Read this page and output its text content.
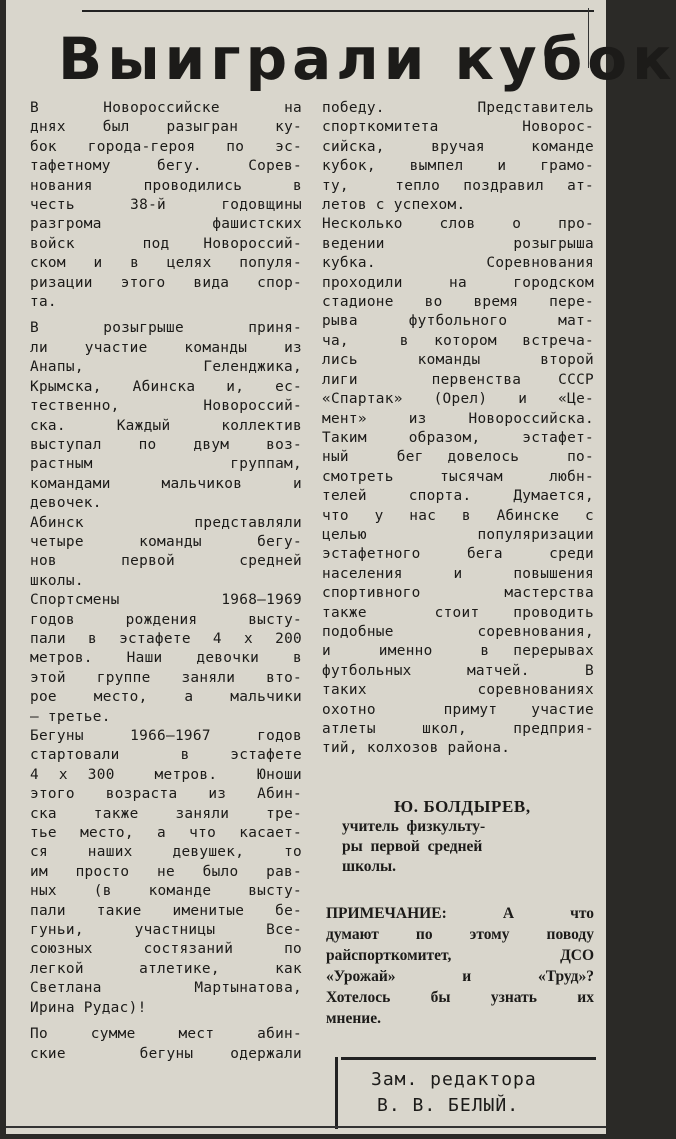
Выиграли кубок
В  Новороссийске  на
днях был разыгран ку-
бок города-героя по эс-
тафетному бегу. Сорев-
нования проводились в
честь 38-й годовщины
разгрома    фашистских
войск  под Новороссий-
ском и в целях популя-
ризации этого вида спор-
та.
В розыгрыше приня-
ли участие команды из
Анапы,     Геленджика,
Крымска, Абинска и, ес-
тественно,   Новороссий-
ска. Каждый коллектив
выступал по двум воз-
растным    группам,
командами мальчиков и
девочек.
Абинск представляли
четыре  команды  бегу-
нов    первой    средней
школы.
Спортсмены 1968—1969
годов рождения высту-
пали в эстафете 4 х 200
метров. Наши девочки в
этой группе заняли вто-
рое место, а мальчики
— третье.
Бегуны 1966—1967 годов
стартовали   в  эстафете
4 х 300  метров.  Юноши
этого возраста из Абин-
ска также заняли тре-
тье место, а что касает-
ся наших девушек, то
им просто не было рав-
ных (в команде высту-
пали такие именитые бе-
гуньи, участницы Все-
союзных состязаний по
легкой  атлетике,  как
Светлана   Мартынатова,
Ирина Рудас)!
По сумме мест абин-
ские  бегуны одержали
победу.   Представитель
спорткомитета  Новорос-
сийска, вручая команде
кубок, вымпел и грамо-
ту,  тепло поздравил ат-
летов с успехом.
Несколько слов о про-
ведении     розыгрыша
кубка.   Соревнования
проходили на городском
стадионе во время пере-
рыва  футбольного  мат-
ча,  в котором встреча-
лись  команды  второй
лиги  первенства СССР
«Спартак» (Орел) и «Це-
мент» из Новороссийска.
Таким образом, эстафет-
ный  бег довелось  по-
смотреть тысячам любн-
телей спорта. Думается,
что у нас в Абинске с
целью    популяризации
эстафетного бега среди
населения и повышения
спортивного  мастерства
также  стоит проводить
подобные соревнования,
и  именно  в перерывах
футбольных матчей. В
таких       соревнованиях
охотно  примут участие
атлеты школ, предприя-
тий, колхозов района.
Ю. БОЛДЫРЕВ,
учитель  физкульту-
ры  первой  средней
школы.
ПРИМЕЧАНИЕ: А что
думают по этому поводу
райспорткомитет,  ДСО
«Урожай» и «Труд»?
Хотелось бы узнать их
мнение.
Зам. редактора
В. В. БЕЛЫЙ.
